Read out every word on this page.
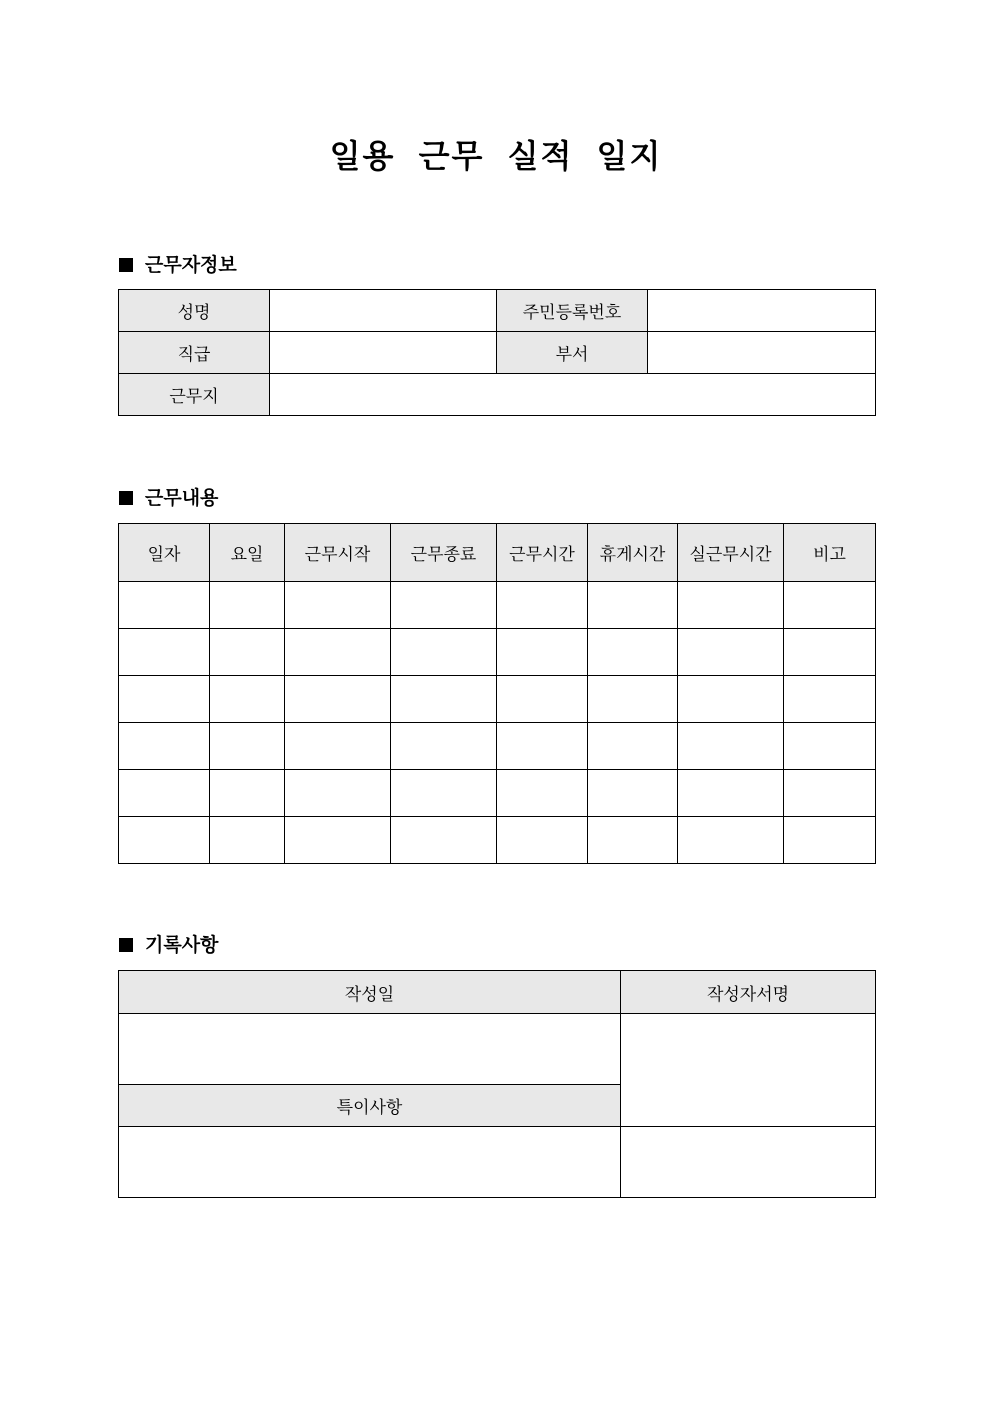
일용 근무 실적 일지
근무자정보
성명		주민등록번호	
직급		부서	
근무지			
근무내용
일자	요일	근무시작	근무종료	근무시간	휴게시간	실근무시간	비고

기록사항
작성일	작성자서명

특이사항	
